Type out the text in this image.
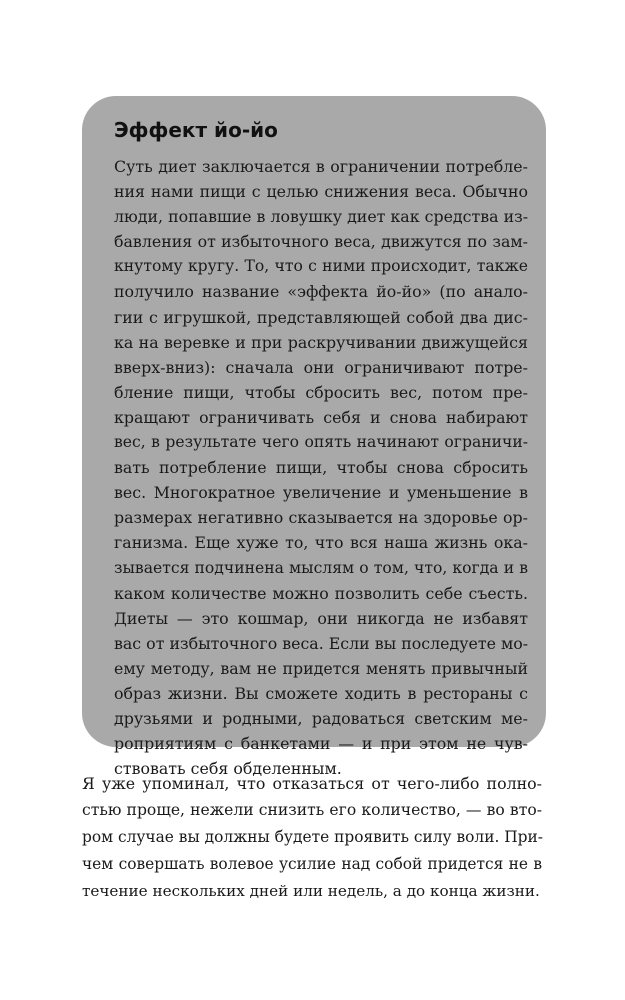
Эффект йо-йо
Суть диет заключается в ограничении потребле-
ния нами пищи с целью снижения веса. Обычно
люди, попавшие в ловушку диет как средства из-
бавления от избыточного веса, движутся по зам-
кнутому кругу. То, что с ними происходит, также
получило название «эффекта йо-йо» (по анало-
гии с игрушкой, представляющей собой два дис-
ка на веревке и при раскручивании движущейся
вверх-вниз): сначала они ограничивают потре-
бление пищи, чтобы сбросить вес, потом пре-
кращают ограничивать себя и снова набирают
вес, в результате чего опять начинают ограничи-
вать потребление пищи, чтобы снова сбросить
вес. Многократное увеличение и уменьшение в
размерах негативно сказывается на здоровье ор-
ганизма. Еще хуже то, что вся наша жизнь ока-
зывается подчинена мыслям о том, что, когда и в
каком количестве можно позволить себе съесть.
Диеты — это кошмар, они никогда не избавят
вас от избыточного веса. Если вы последуете мо-
ему методу, вам не придется менять привычный
образ жизни. Вы сможете ходить в рестораны с
друзьями и родными, радоваться светским ме-
роприятиям с банкетами — и при этом не чув-
ствовать себя обделенным.
Я уже упоминал, что отказаться от чего-либо полно-
стью проще, нежели снизить его количество, — во вто-
ром случае вы должны будете проявить силу воли. При-
чем совершать волевое усилие над собой придется не в
течение нескольких дней или недель, а до конца жизни.
